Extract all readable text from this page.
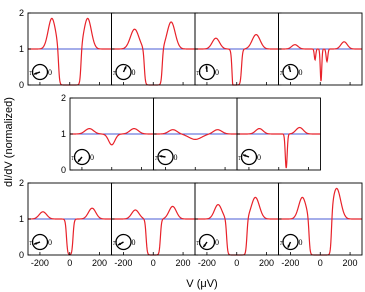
0
1
2
π 0	π 0	π 0	π 0
0
1
2
π 0	π 0	π 0
0
1
2
π 0
-200 0 200
π 0
-200 0 200
π 0
-200 0 200
π 0
-200 0 200
dI/dV (normalized)
V (μV)
